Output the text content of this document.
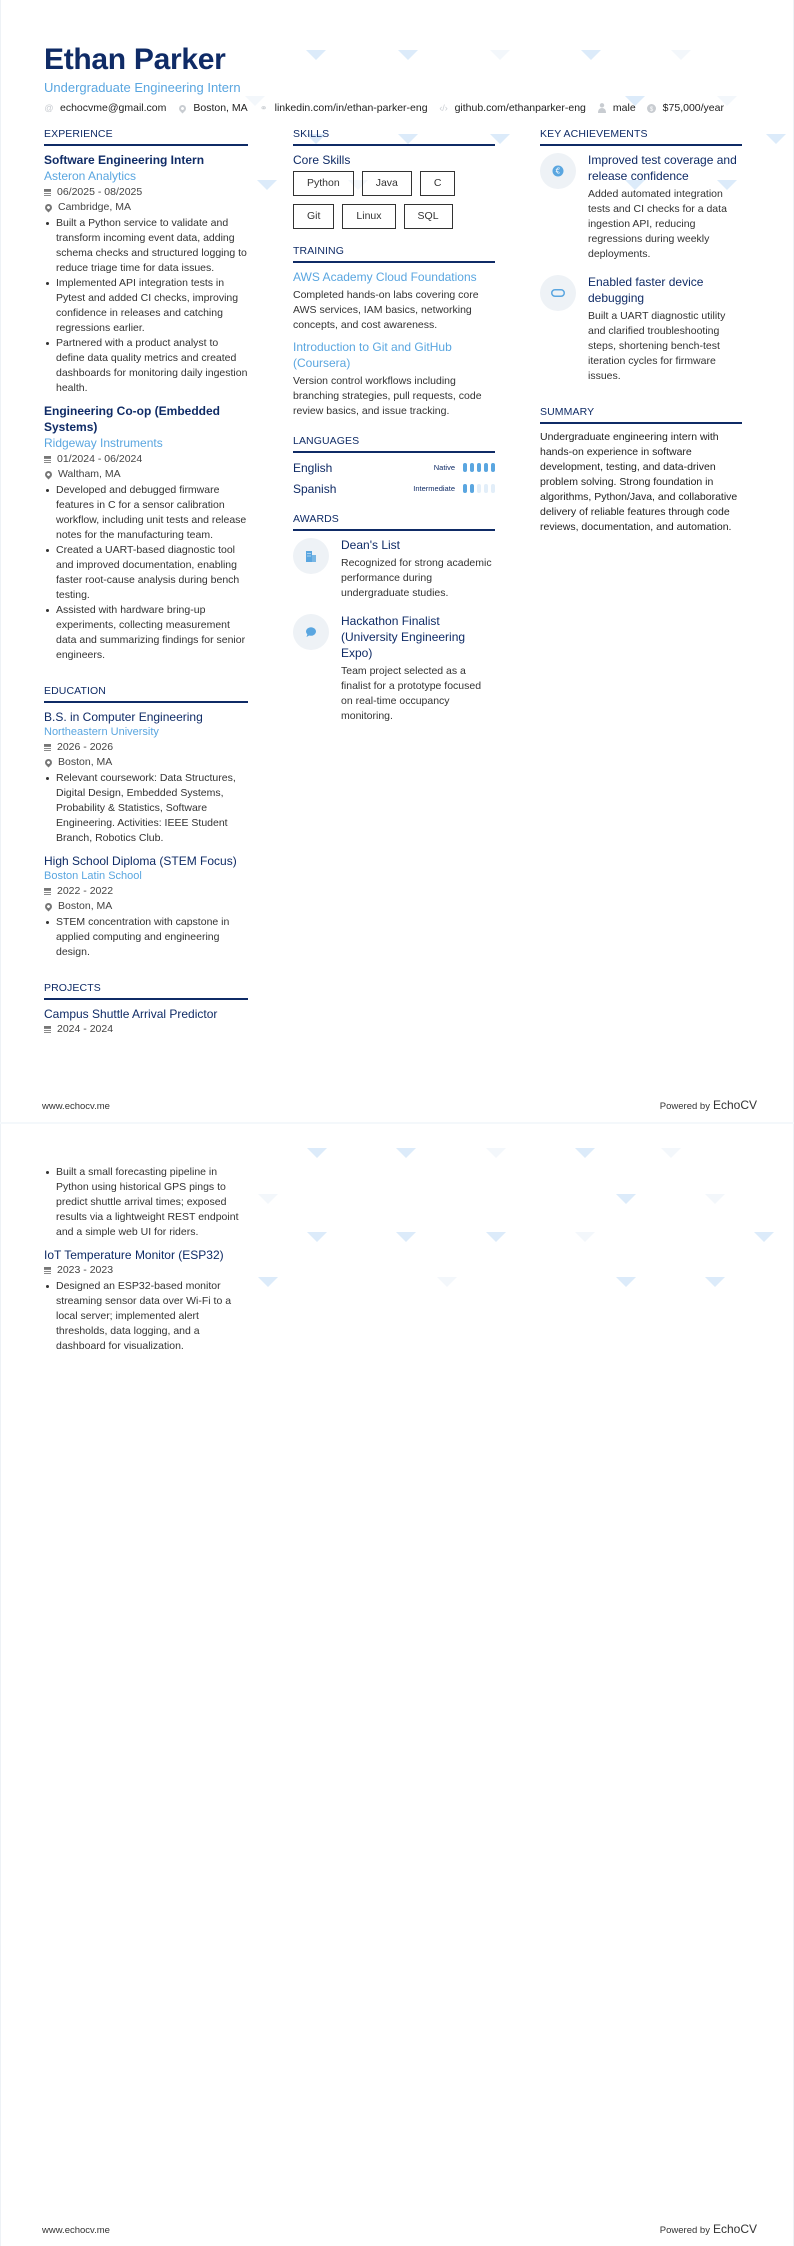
Ethan Parker
Undergraduate Engineering Intern
@ echocvme@gmail.com	Boston, MA ⚭ linkedin.com/in/ethan-parker-eng ‹/› github.com/ethanparker-eng	male $ $75,000/year
EXPERIENCE
Software Engineering Intern
Asteron Analytics
06/2025 - 08/2025
Cambridge, MA
Built a Python service to validate and transform incoming event data, adding schema checks and structured logging to reduce triage time for data issues.
Implemented API integration tests in Pytest and added CI checks, improving confidence in releases and catching regressions earlier.
Partnered with a product analyst to define data quality metrics and created dashboards for monitoring daily ingestion health.
Engineering Co-op (Embedded Systems)
Ridgeway Instruments
01/2024 - 06/2024
Waltham, MA
Developed and debugged firmware features in C for a sensor calibration workflow, including unit tests and release notes for the manufacturing team.
Created a UART-based diagnostic tool and improved documentation, enabling faster root-cause analysis during bench testing.
Assisted with hardware bring-up experiments, collecting measurement data and summarizing findings for senior engineers.
EDUCATION
B.S. in Computer Engineering
Northeastern University
2026 - 2026
Boston, MA
Relevant coursework: Data Structures, Digital Design, Embedded Systems, Probability & Statistics, Software Engineering. Activities: IEEE Student Branch, Robotics Club.
High School Diploma (STEM Focus)
Boston Latin School
2022 - 2022
Boston, MA
STEM concentration with capstone in applied computing and engineering design.
PROJECTS
Campus Shuttle Arrival Predictor
2024 - 2024
SKILLS
Core Skills
Python	Java	C
Git	Linux	SQL
TRAINING
AWS Academy Cloud Foundations
Completed hands-on labs covering core AWS services, IAM basics, networking concepts, and cost awareness.
Introduction to Git and GitHub (Coursera)
Version control workflows including branching strategies, pull requests, code review basics, and issue tracking.
LANGUAGES
English	Native
Spanish	Intermediate
AWARDS
Dean's List
Recognized for strong academic performance during undergraduate studies.
Hackathon Finalist (University Engineering Expo)
Team project selected as a finalist for a prototype focused on real-time occupancy monitoring.
KEY ACHIEVEMENTS
€
Improved test coverage and release confidence
Added automated integration tests and CI checks for a data ingestion API, reducing regressions during weekly deployments.
Enabled faster device debugging
Built a UART diagnostic utility and clarified troubleshooting steps, shortening bench-test iteration cycles for firmware issues.
SUMMARY
Undergraduate engineering intern with hands-on experience in software development, testing, and data-driven problem solving. Strong foundation in algorithms, Python/Java, and collaborative delivery of reliable features through code reviews, documentation, and automation.
www.echocv.me	Powered by EchoCV
Built a small forecasting pipeline in Python using historical GPS pings to predict shuttle arrival times; exposed results via a lightweight REST endpoint and a simple web UI for riders.
IoT Temperature Monitor (ESP32)
2023 - 2023
Designed an ESP32-based monitor streaming sensor data over Wi-Fi to a local server; implemented alert thresholds, data logging, and a dashboard for visualization.
www.echocv.me	Powered by EchoCV
